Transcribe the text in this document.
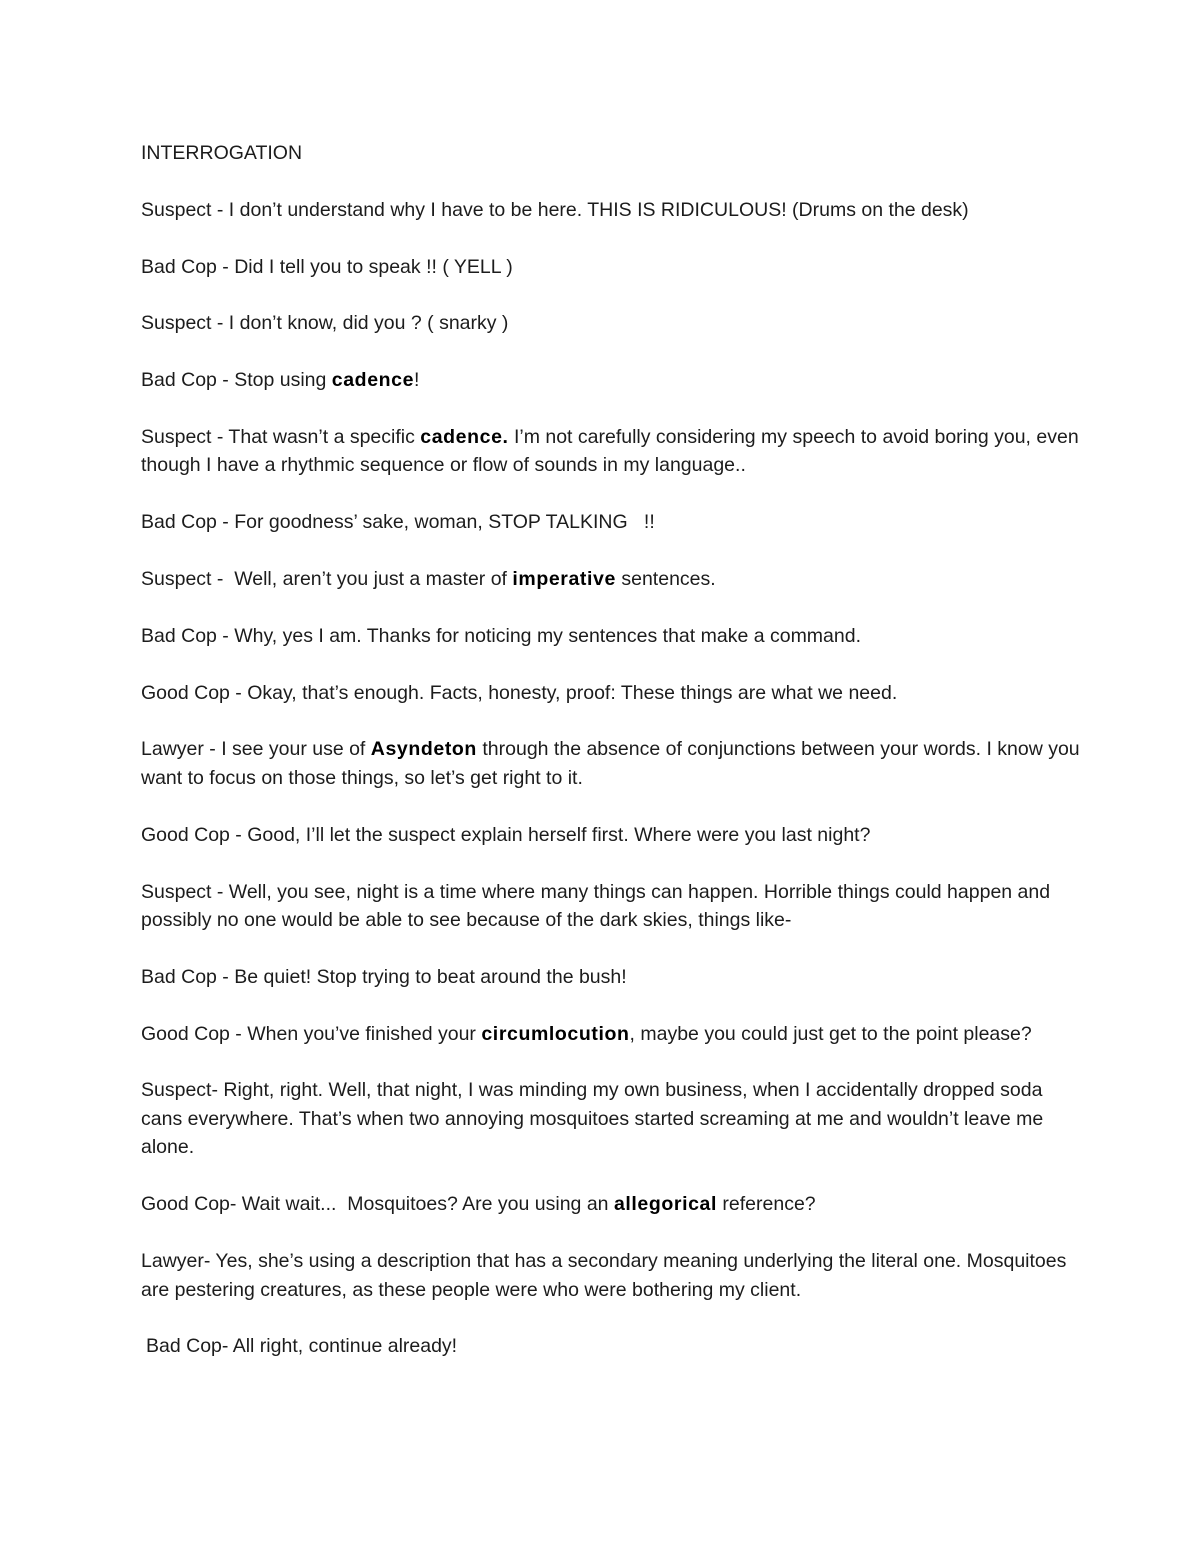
INTERROGATION

Suspect - I don’t understand why I have to be here. THIS IS RIDICULOUS! (Drums on the desk)

Bad Cop - Did I tell you to speak !! ( YELL )

Suspect - I don’t know, did you ? ( snarky )

Bad Cop - Stop using cadence!

Suspect - That wasn’t a specific cadence. I’m not carefully considering my speech to avoid boring you, even though I have a rhythmic sequence or flow of sounds in my language..

Bad Cop - For goodness’ sake, woman, STOP TALKING   !!

Suspect -  Well, aren’t you just a master of imperative sentences.

Bad Cop - Why, yes I am. Thanks for noticing my sentences that make a command.

Good Cop - Okay, that’s enough. Facts, honesty, proof: These things are what we need.

Lawyer - I see your use of Asyndeton through the absence of conjunctions between your words. I know you want to focus on those things, so let’s get right to it.

Good Cop - Good, I’ll let the suspect explain herself first. Where were you last night?

Suspect - Well, you see, night is a time where many things can happen. Horrible things could happen and possibly no one would be able to see because of the dark skies, things like-

Bad Cop - Be quiet! Stop trying to beat around the bush!

Good Cop - When you’ve finished your circumlocution, maybe you could just get to the point please?

Suspect- Right, right. Well, that night, I was minding my own business, when I accidentally dropped soda cans everywhere. That’s when two annoying mosquitoes started screaming at me and wouldn’t leave me alone.

Good Cop- Wait wait...  Mosquitoes? Are you using an allegorical reference?

Lawyer- Yes, she’s using a description that has a secondary meaning underlying the literal one. Mosquitoes are pestering creatures, as these people were who were bothering my client.

Bad Cop- All right, continue already!
